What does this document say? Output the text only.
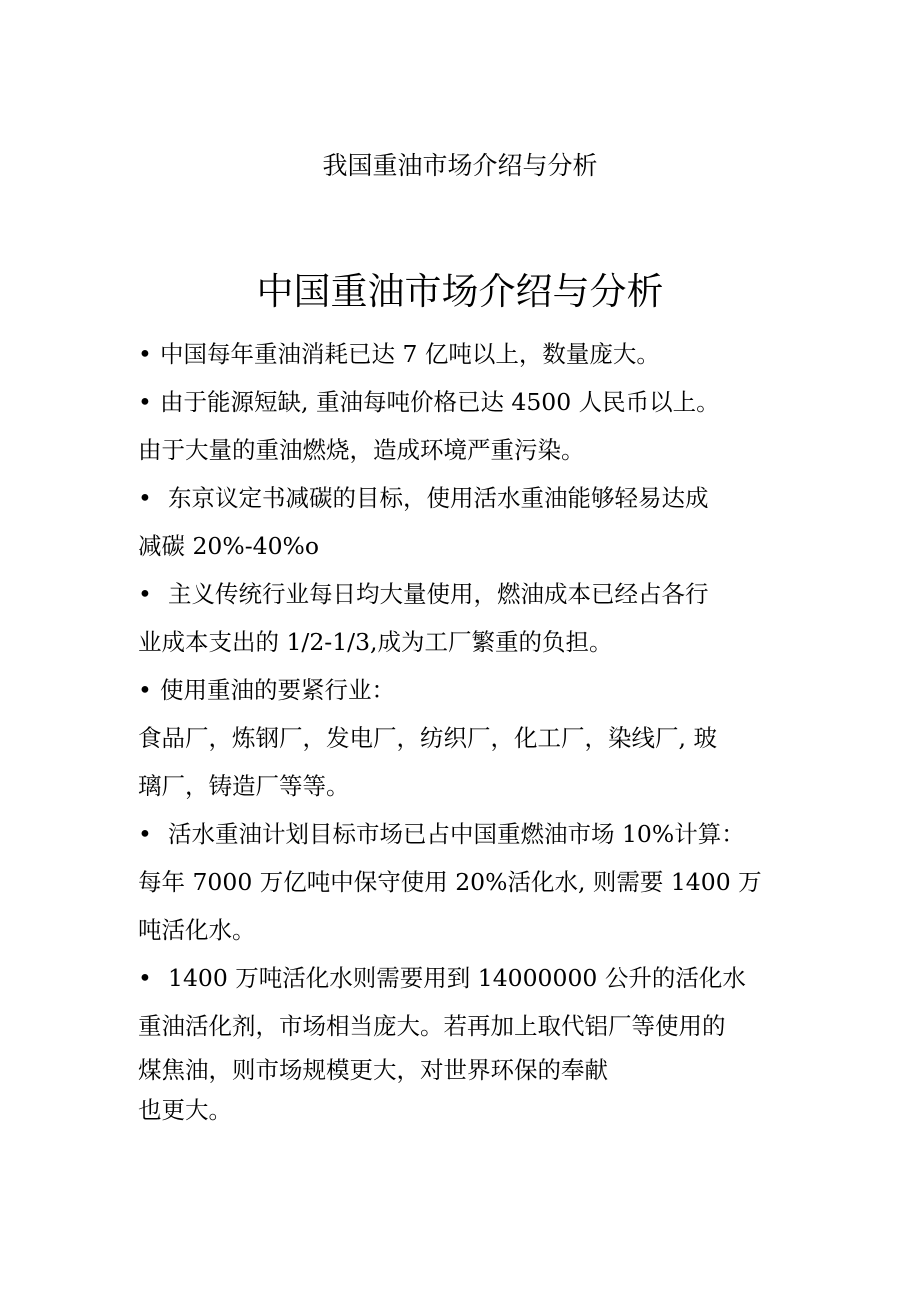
我国重油市场介绍与分析
中国重油市场介绍与分析
• 中国每年重油消耗已达 7 亿吨以上，数量庞大。
• 由于能源短缺, 重油每吨价格已达 4500 人民币以上。
由于大量的重油燃烧，造成环境严重污染。
• 东京议定书减碳的目标，使用活水重油能够轻易达成
减碳 20%-40%o
• 主义传统行业每日均大量使用，燃油成本已经占各行
业成本支出的 1/2-1/3,成为工厂繁重的负担。
• 使用重油的要紧行业：
食品厂，炼钢厂，发电厂，纺织厂，化工厂，染线厂, 玻
璃厂，铸造厂等等。
• 活水重油计划目标市场已占中国重燃油市场 10%计算：
每年 7000 万亿吨中保守使用 20%活化水, 则需要 1400 万
吨活化水。
• 1400 万吨活化水则需要用到 14000000 公升的活化水
重油活化剂，市场相当庞大。若再加上取代铝厂等使用的
煤焦油，则市场规模更大，对世界环保的奉献
也更大。
